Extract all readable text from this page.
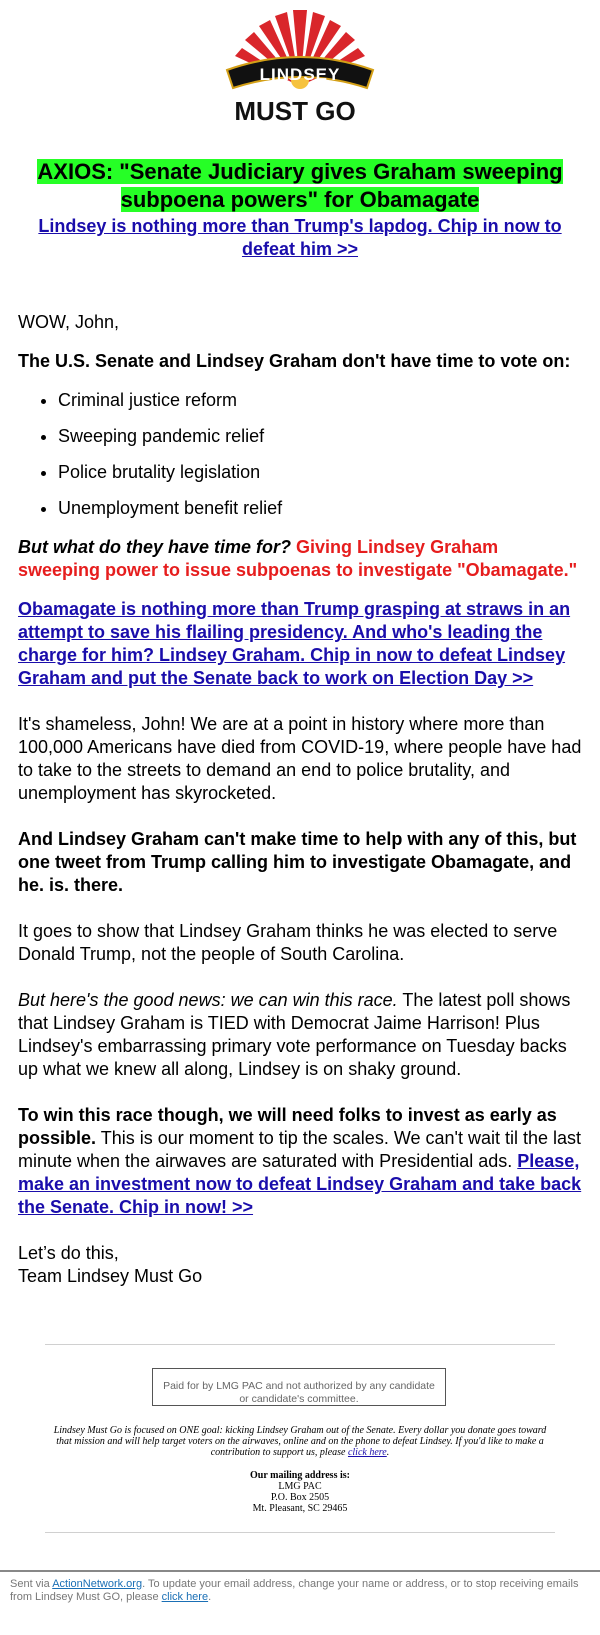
LINDSEY
MUST GO
AXIOS: "Senate Judiciary gives Graham sweeping subpoena powers" for Obamagate
Lindsey is nothing more than Trump's lapdog. Chip in now to defeat him >>

WOW, John,

The U.S. Senate and Lindsey Graham don't have time to vote on:

• Criminal justice reform
• Sweeping pandemic relief
• Police brutality legislation
• Unemployment benefit relief

But what do they have time for? Giving Lindsey Graham sweeping power to issue subpoenas to investigate "Obamagate."

Obamagate is nothing more than Trump grasping at straws in an attempt to save his flailing presidency. And who's leading the charge for him? Lindsey Graham. Chip in now to defeat Lindsey Graham and put the Senate back to work on Election Day >>

It's shameless, John! We are at a point in history where more than 100,000 Americans have died from COVID-19, where people have had to take to the streets to demand an end to police brutality, and unemployment has skyrocketed.

And Lindsey Graham can't make time to help with any of this, but one tweet from Trump calling him to investigate Obamagate, and he. is. there.

It goes to show that Lindsey Graham thinks he was elected to serve Donald Trump, not the people of South Carolina.

But here's the good news: we can win this race. The latest poll shows that Lindsey Graham is TIED with Democrat Jaime Harrison! Plus Lindsey's embarrassing primary vote performance on Tuesday backs up what we knew all along, Lindsey is on shaky ground.

To win this race though, we will need folks to invest as early as possible. This is our moment to tip the scales. We can't wait til the last minute when the airwaves are saturated with Presidential ads. Please, make an investment now to defeat Lindsey Graham and take back the Senate. Chip in now! >>

Let’s do this,

Team Lindsey Must Go

Paid for by LMG PAC and not authorized by any candidate or candidate's committee.
Lindsey Must Go is focused on ONE goal: kicking Lindsey Graham out of the Senate. Every dollar you donate goes toward that mission and will help target voters on the airwaves, online and on the phone to defeat Lindsey. If you'd like to make a contribution to support us, please click here.
Our mailing address is:
LMG PAC
P.O. Box 2505
Mt. Pleasant, SC 29465
Sent via ActionNetwork.org. To update your email address, change your name or address, or to stop receiving emails from Lindsey Must GO, please click here.
